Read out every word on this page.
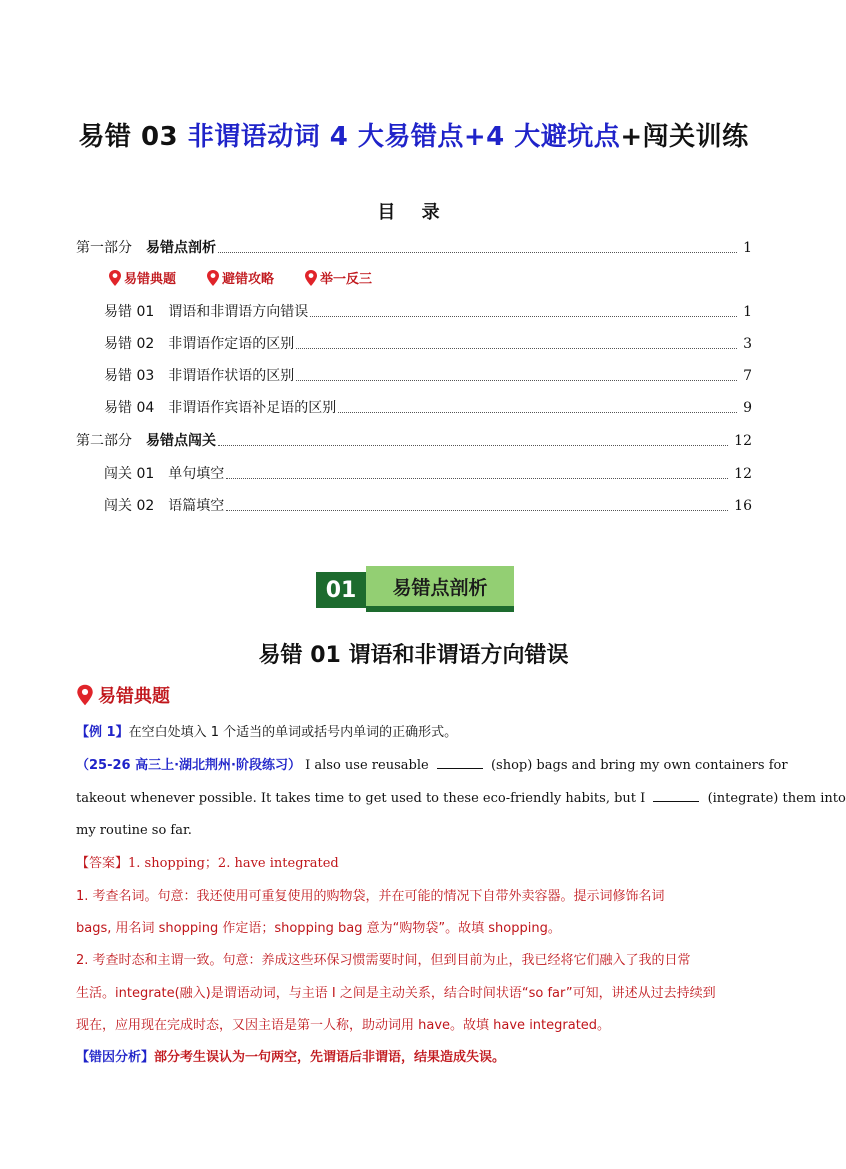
易错 03 非谓语动词 4 大易错点+4 大避坑点+闯关训练
目 录
第一部分 易错点剖析	1
易错典题	避错攻略	举一反三
易错 01 谓语和非谓语方向错误	1
易错 02 非谓语作定语的区别	3
易错 03 非谓语作状语的区别	7
易错 04 非谓语作宾语补足语的区别	9
第二部分 易错点闯关	12
闯关 01 单句填空	12
闯关 02 语篇填空	16
01	易错点剖析
易错 01 谓语和非谓语方向错误
易错典题
【例 1】在空白处填入 1 个适当的单词或括号内单词的正确形式。
（25-26 高三上·湖北荆州·阶段练习） I also use reusable	(shop) bags and bring my own containers for
takeout whenever possible. It takes time to get used to these eco-friendly habits, but I	(integrate) them into
my routine so far.
【答案】1. shopping；2. have integrated
1. 考查名词。句意：我还使用可重复使用的购物袋，并在可能的情况下自带外卖容器。提示词修饰名词
bags, 用名词 shopping 作定语；shopping bag 意为“购物袋”。故填 shopping。
2. 考查时态和主谓一致。句意：养成这些环保习惯需要时间，但到目前为止，我已经将它们融入了我的日常
生活。integrate(融入)是谓语动词，与主语 I 之间是主动关系，结合时间状语“so far”可知，讲述从过去持续到
现在，应用现在完成时态，又因主语是第一人称，助动词用 have。故填 have integrated。
【错因分析】部分考生误认为一句两空，先谓语后非谓语，结果造成失误。
